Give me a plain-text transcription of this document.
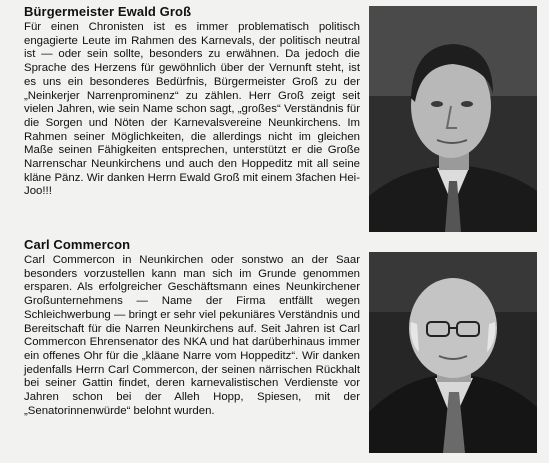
Bürgermeister Ewald Groß

Für einen Chronisten ist es immer problematisch politisch engagierte Leute im Rahmen des Karnevals, der politisch neutral ist — oder sein sollte, besonders zu erwähnen. Da jedoch die Sprache des Herzens für gewöhnlich über der Vernunft steht, ist es uns ein besonderes Bedürfnis, Bürgermeister Groß zu der „Neinkerjer Narrenprominenz“ zu zählen. Herr Groß zeigt seit vielen Jahren, wie sein Name schon sagt, „großes“ Verständnis für die Sorgen und Nöten der Karnevalsvereine Neunkirchens. Im Rahmen seiner Möglichkeiten, die allerdings nicht im gleichen Maße seinen Fähigkeiten entsprechen, unterstützt er die Große Narrenschar Neunkirchens und auch den Hoppeditz mit all seine kläne Pänz. Wir danken Herrn Ewald Groß mit einem 3fachen Hei-Joo!!!

Carl Commercon

Carl Commercon in Neunkirchen oder sonstwo an der Saar besonders vorzustellen kann man sich im Grunde genommen ersparen. Als erfolgreicher Geschäftsmann eines Neunkirchener Großunternehmens — Name der Firma entfällt wegen Schleichwerbung — bringt er sehr viel pekuniäres Verständnis und Bereitschaft für die Narren Neunkirchens auf. Seit Jahren ist Carl Commercon Ehrensenator des NKA und hat darüberhinaus immer ein offenes Ohr für die „kläane Narre vom Hoppeditz“. Wir danken jedenfalls Herrn Carl Commercon, der seinen närrischen Rückhalt bei seiner Gattin findet, deren karnevalistischen Verdienste vor Jahren schon bei der Alleh Hopp, Spiesen, mit der „Senatorinnenwürde“ belohnt wurden.
